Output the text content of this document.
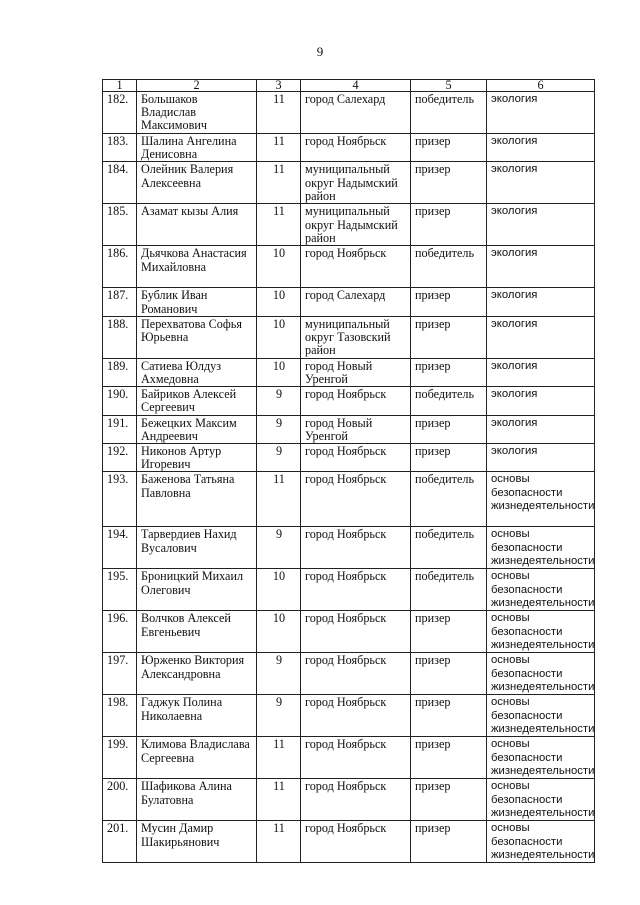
9
1	2	3	4	5	6
182.	Большаков Владислав Максимович	11	город Салехард	победитель	экология
183.	Шалина Ангелина Денисовна	11	город Ноябрьск	призер	экология
184.	Олейник Валерия Алексеевна	11	муниципальный округ Надымский район	призер	экология
185.	Азамат кызы Алия	11	муниципальный округ Надымский район	призер	экология
186.	Дьячкова Анастасия Михайловна	10	город Ноябрьск	победитель	экология
187.	Бублик Иван Романович	10	город Салехард	призер	экология
188.	Перехватова Софья Юрьевна	10	муниципальный округ Тазовский район	призер	экология
189.	Сатиева Юлдуз Ахмедовна	10	город Новый Уренгой	призер	экология
190.	Байриков Алексей Сергеевич	9	город Ноябрьск	победитель	экология
191.	Бежецких Максим Андреевич	9	город Новый Уренгой	призер	экология
192.	Никонов Артур Игоревич	9	город Ноябрьск	призер	экология
193.	Баженова Татьяна Павловна	11	город Ноябрьск	победитель	основы безопасности жизнедеятельности
194.	Тарвердиев Нахид Вусалович	9	город Ноябрьск	победитель	основы безопасности жизнедеятельности
195.	Броницкий Михаил Олегович	10	город Ноябрьск	победитель	основы безопасности жизнедеятельности
196.	Волчков Алексей Евгеньевич	10	город Ноябрьск	призер	основы безопасности жизнедеятельности
197.	Юрженко Виктория Александровна	9	город Ноябрьск	призер	основы безопасности жизнедеятельности
198.	Гаджук Полина Николаевна	9	город Ноябрьск	призер	основы безопасности жизнедеятельности
199.	Климова Владислава Сергеевна	11	город Ноябрьск	призер	основы безопасности жизнедеятельности
200.	Шафикова Алина Булатовна	11	город Ноябрьск	призер	основы безопасности жизнедеятельности
201.	Мусин Дамир Шакирьянович	11	город Ноябрьск	призер	основы безопасности жизнедеятельности
